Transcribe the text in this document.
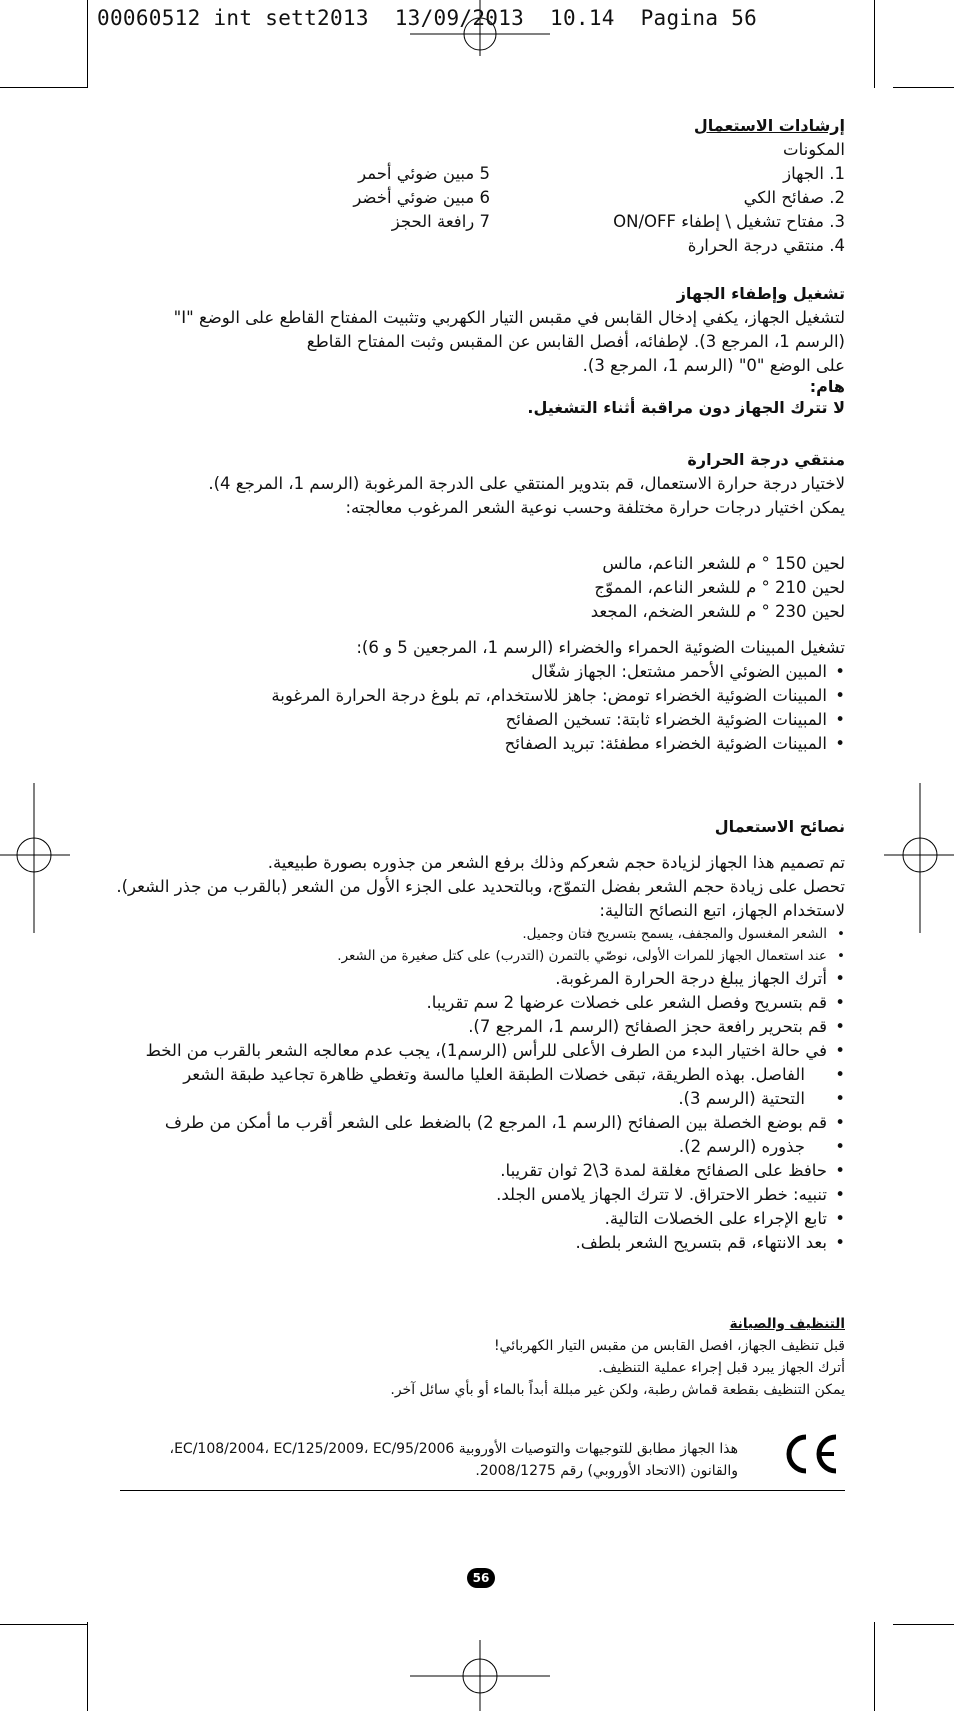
00060512 int sett2013  13/09/2013  10.14  Pagina 56
إرشادات الاستعمال
المكونات
1. الجهاز
2. صفائح الكي
3. مفتاح تشغيل \ إطفاء ON/OFF
4. منتقي درجة الحرارة
5 مبين ضوئي أحمر
6 مبين ضوئي أخضر
7 رافعة الحجز
تشغيل وإطفاء الجهاز
لتشغيل الجهاز، يكفي إدخال القابس في مقبس التيار الكهربي وتثبيت المفتاح القاطع على الوضع "I"
(الرسم 1، المرجع 3). لإطفائه، أفصل القابس عن المقبس وثبت المفتاح القاطع
على الوضع "0" (الرسم 1، المرجع 3).
هام:
لا تترك الجهاز دون مراقبة أثناء التشغيل.
منتقي درجة الحرارة
لاختيار درجة حرارة الاستعمال، قم بتدوير المنتقي على الدرجة المرغوبة (الرسم 1، المرجع 4).
يمكن اختيار درجات حرارة مختلفة وحسب نوعية الشعر المرغوب معالجته:
لحين 150 ° م للشعر الناعم، مالس
لحين 210 ° م للشعر الناعم، المموّج
لحين 230 ° م للشعر الضخم، المجعد
تشغيل المبينات الضوئية الحمراء والخضراء (الرسم 1، المرجعين 5 و 6):
• المبين الضوئي الأحمر مشتعل: الجهاز شغّال
• المبينات الضوئية الخضراء تومض: جاهز للاستخدام، تم بلوغ درجة الحرارة المرغوبة
• المبينات الضوئية الخضراء ثابتة: تسخين الصفائح
• المبينات الضوئية الخضراء مطفئة: تبريد الصفائح
نصائح الاستعمال
تم تصميم هذا الجهاز لزيادة حجم شعركم وذلك برفع الشعر من جذوره بصورة طبيعية.
تحصل على زيادة حجم الشعر بفضل التموّج، وبالتحديد على الجزء الأول من الشعر (بالقرب من جذر الشعر).
لاستخدام الجهاز، اتبع النصائح التالية:
• الشعر المغسول والمجفف، يسمح بتسريح فتان وجميل.
• عند استعمال الجهاز للمرات الأولى، نوصّي بالتمرن (التدرب) على كتل صغيرة من الشعر.
• أترك الجهاز يبلغ درجة الحرارة المرغوبة.
• قم بتسريح وفصل الشعر على خصلات عرضها 2 سم تقريبا.
• قم بتحرير رافعة حجز الصفائح (الرسم 1، المرجع 7).
• في حالة اختيار البدء من الطرف الأعلى للرأس (الرسم1)، يجب عدم معالجه الشعر بالقرب من الخط
• الفاصل. بهذه الطريقة، تبقى خصلات الطبقة العليا مالسة وتغطي ظاهرة تجاعيد طبقة الشعر
• التحتية (الرسم 3).
• قم بوضع الخصلة بين الصفائح (الرسم 1، المرجع 2) بالضغط على الشعر أقرب ما أمكن من طرف
• جذوره (الرسم 2).
• حافظ على الصفائح مغلقة لمدة 3\2 ثوان تقريبا.
• تنبيه: خطر الاحتراق. لا تترك الجهاز يلامس الجلد.
• تابع الإجراء على الخصلات التالية.
• بعد الانتهاء، قم بتسريح الشعر بلطف.
التنظيف والصيانة
قبل تنظيف الجهاز، افصل القابس من مقبس التيار الكهربائي!
أترك الجهاز يبرد قبل إجراء عملية التنظيف.
يمكن التنظيف بقطعة قماش رطبة، ولكن غير مبللة أبداً بالماء أو بأي سائل آخر.
هذا الجهاز مطابق للتوجيهات والتوصيات الأوروبية EC/108/2004، EC/125/2009، EC/95/2006،
والقانون (الاتحاد الأوروبي) رقم 2008/1275.
56
